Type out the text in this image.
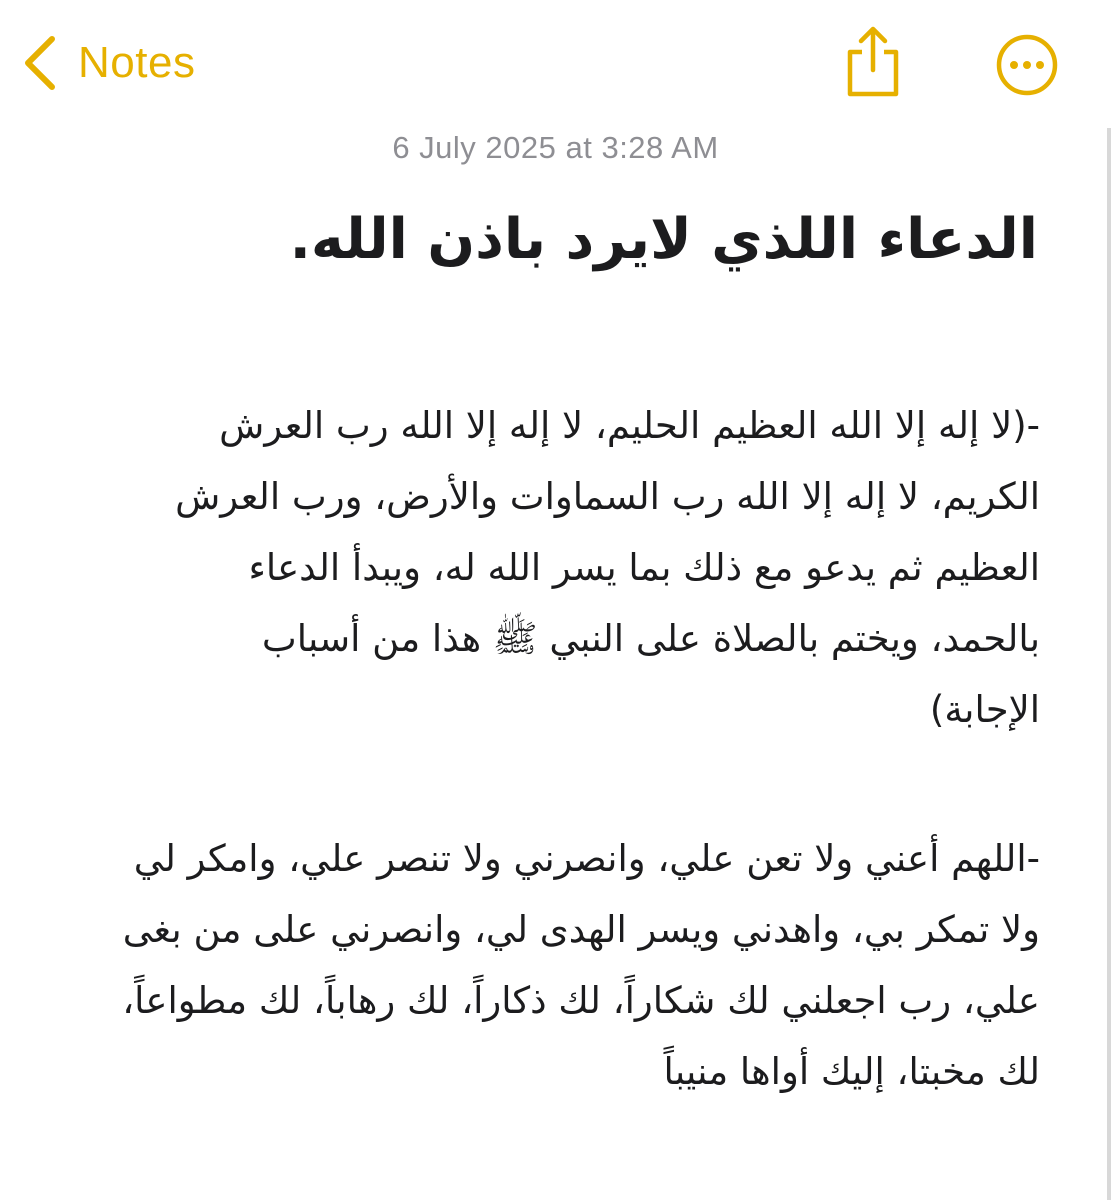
Notes
6 July 2025 at 3:28 AM
الدعاء اللذي لايرد باذن الله.
-(لا إله إلا الله العظيم الحليم، لا إله إلا الله رب العرش
الكريم، لا إله إلا الله رب السماوات والأرض، ورب العرش
العظيم ثم يدعو مع ذلك بما يسر الله له، ويبدأ الدعاء
بالحمد، ويختم بالصلاة على النبي ﷺ هذا من أسباب
الإجابة)
-اللهم أعني ولا تعن علي، وانصرني ولا تنصر علي، وامكر لي
ولا تمكر بي، واهدني ويسر الهدى لي، وانصرني على من بغى
علي، رب اجعلني لك شكاراً، لك ذكاراً، لك رهاباً، لك مطواعاً،
لك مخبتا، إليك أواها منيباً
